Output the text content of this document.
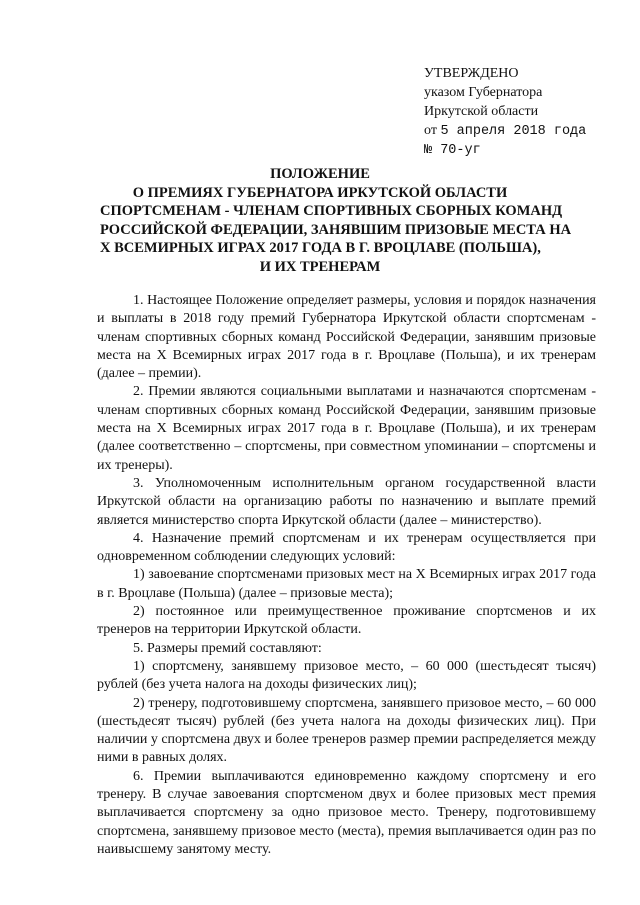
УТВЕРЖДЕНО
указом Губернатора
Иркутской области
от 5 апреля 2018 года
№ 70-уг
ПОЛОЖЕНИЕ
О ПРЕМИЯХ ГУБЕРНАТОРА ИРКУТСКОЙ ОБЛАСТИ
СПОРТСМЕНАМ - ЧЛЕНАМ СПОРТИВНЫХ СБОРНЫХ КОМАНД
РОССИЙСКОЙ ФЕДЕРАЦИИ, ЗАНЯВШИМ ПРИЗОВЫЕ МЕСТА НА
X ВСЕМИРНЫХ ИГРАХ 2017 ГОДА В Г. ВРОЦЛАВЕ (ПОЛЬША),
И ИХ ТРЕНЕРАМ

1. Настоящее Положение определяет размеры, условия и порядок назначения и выплаты в 2018 году премий Губернатора Иркутской области спортсменам - членам спортивных сборных команд Российской Федерации, занявшим призовые места на X Всемирных играх 2017 года в г. Вроцлаве (Польша), и их тренерам (далее – премии).

2. Премии являются социальными выплатами и назначаются спортсменам - членам спортивных сборных команд Российской Федерации, занявшим призовые места на X Всемирных играх 2017 года в г. Вроцлаве (Польша), и их тренерам (далее соответственно – спортсмены, при совместном упоминании – спортсмены и их тренеры).

3. Уполномоченным исполнительным органом государственной власти Иркутской области на организацию работы по назначению и выплате премий является министерство спорта Иркутской области (далее – министерство).

4. Назначение премий спортсменам и их тренерам осуществляется при одновременном соблюдении следующих условий:

1) завоевание спортсменами призовых мест на X Всемирных играх 2017 года в г. Вроцлаве (Польша) (далее – призовые места);

2) постоянное или преимущественное проживание спортсменов и их тренеров на территории Иркутской области.

5. Размеры премий составляют:

1) спортсмену, занявшему призовое место, – 60 000 (шестьдесят тысяч) рублей (без учета налога на доходы физических лиц);

2) тренеру, подготовившему спортсмена, занявшего призовое место, – 60 000 (шестьдесят тысяч) рублей (без учета налога на доходы физических лиц). При наличии у спортсмена двух и более тренеров размер премии распределяется между ними в равных долях.

6. Премии выплачиваются единовременно каждому спортсмену и его тренеру. В случае завоевания спортсменом двух и более призовых мест премия выплачивается спортсмену за одно призовое место. Тренеру, подготовившему спортсмена, занявшему призовое место (места), премия выплачивается один раз по наивысшему занятому месту.
